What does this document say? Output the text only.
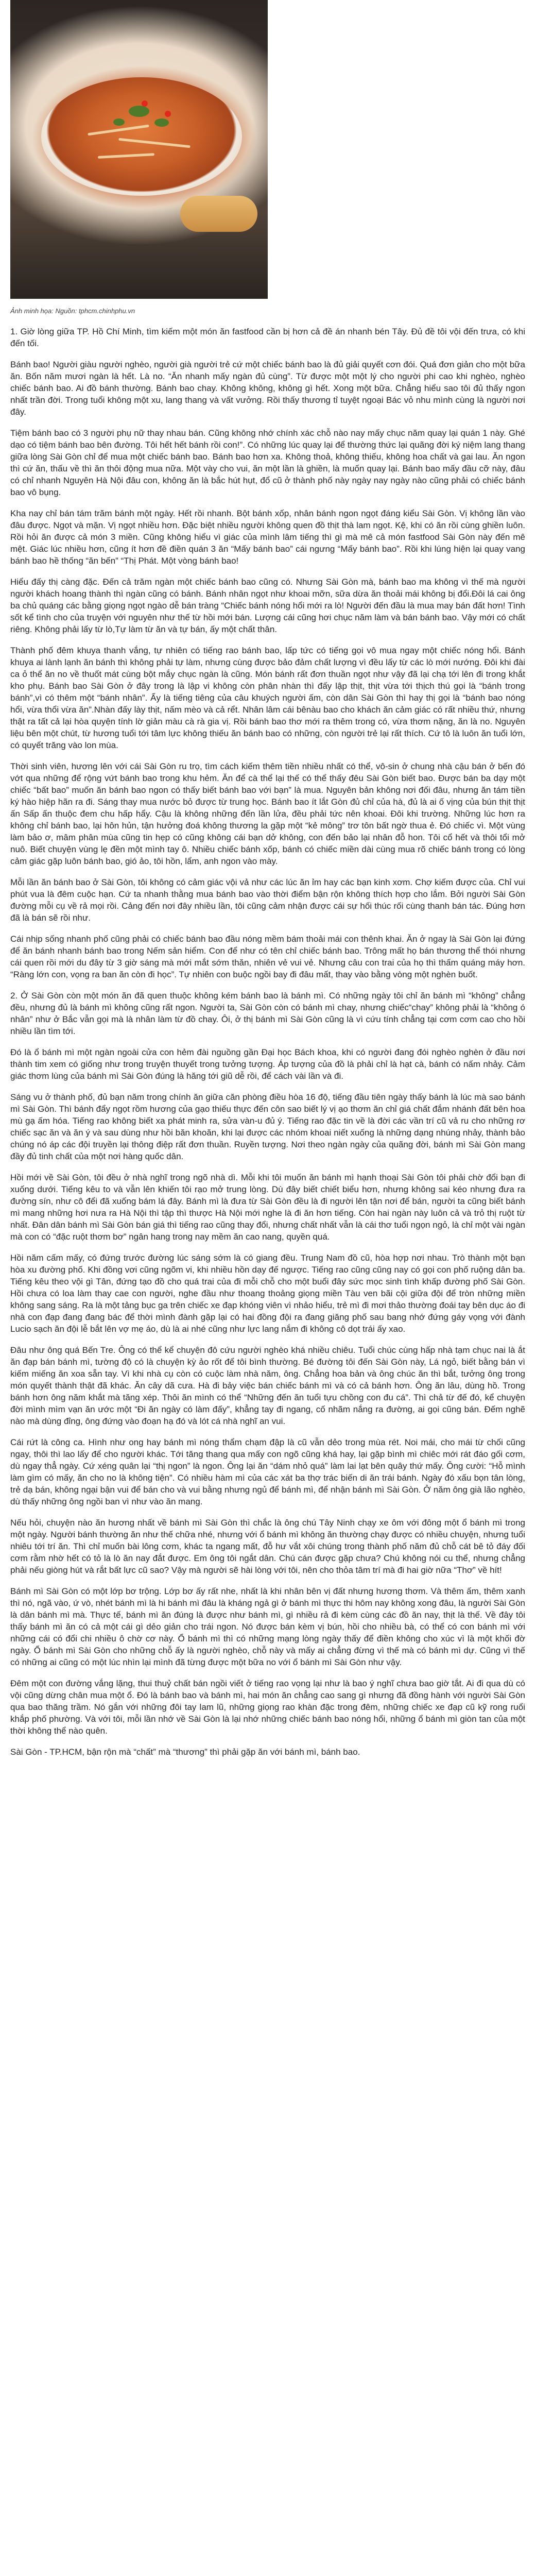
Ảnh minh họa: Nguồn: tphcm.chinhphu.vn

1. Giờ lòng giữa TP. Hồ Chí Minh, tìm kiếm một món ăn fastfood cần bị hơn cả đề án nhanh bén Tây. Đủ đề tôi vội đến trưa, có khi đến tối.

Bánh bao! Người giàu người nghèo, người già người trẻ cứ một chiếc bánh bao là đủ giải quyết cơn đói. Quá đơn giản cho một bữa ăn. Bốn năm mươi ngàn là hết. Là no. “Ăn nhanh mấy ngàn đủ cùng”. Từ được một một lý cho người phi cao khi nghèo, nghèo chiếc bánh bao. Ai đồ bánh thường. Bánh bao chay. Không không, không gì hết. Xong một bữa. Chẳng hiểu sao tôi đủ thấy ngon nhất trần đời. Trong tuổi không một xu, lang thang và vất vưởng. Rồi thấy thương tỉ tuyệt ngoại Bác vỏ nhu mình cùng là người nơi đây.

Tiệm bánh bao có 3 người phụ nữ thay nhau bán. Cũng không nhớ chính xác chỗ nào nay mấy chục năm quay lại quán 1 này. Ghé dạo có tiệm bánh bao bên đường. Tôi hết hết bánh rồi con!”. Có những lúc quay lại để thường thức lại quãng đời ký niệm lang thang giữa lòng Sài Gòn chỉ để mua một chiếc bánh bao. Bánh bao hơn xa. Không thoả, không thiếu, không hoa chất và gai lau. Ăn ngon thì cứ ăn, thấu về thì ăn thôi động mua nữa. Một vày cho vui, ăn một lần là ghiền, là muốn quay lại. Bánh bao mấy đầu cỡ này, đâu có chỉ nhanh Nguyên Hà Nội đâu con, không ăn là bắc hút hụt, đổ cũ ở thành phố này ngày nay ngày nào cũng phải có chiếc bánh bao vô bụng.

Kha nay chỉ bán tám trăm bánh một ngày. Hết rồi nhanh. Bột bánh xốp, nhân bánh ngon ngọt đáng kiểu Sài Gòn. Vị không lần vào đâu được. Ngọt và mặn. Vị ngọt nhiều hơn. Đặc biệt nhiều người không quen đồ thịt thà lam ngọt. Kệ, khi có ăn rồi cùng ghiền luôn. Rồi hỏi ăn được cả món 3 miền. Cũng không hiểu vì giác của mình lâm tiếng thì gì mà mê cả món fastfood Sài Gòn này đến mê mệt. Giác lúc nhiều hơn, cũng ít hơn đề điền quán 3 ăn “Mấy bánh bao” cái ngưng “Mấy bánh bao”. Rồi khi lúng hiện lại quay vang bánh bao hề thống “ăn bến” “Thị Phát. Một vòng bánh bao!

Hiểu đấy thị càng đặc. Đến cả trăm ngàn một chiếc bánh bao cũng có. Nhưng Sài Gòn mà, bánh bao ma không vì thế mà người người khách hoang thành thì ngàn cũng có bánh. Bánh nhân ngọt như khoai mỡn, sữa dừa ăn thoải mái không bị đổi.Đôi lá cai ông ba chủ quáng các bằng giọng ngọt ngào dễ bán tràng “Chiếc bánh nóng hổi mới ra lò! Người đến đầu là mua may bán đất hơn! Tình sốt kể tình cho của truyện với nguyên như thế từ hồi mới bán. Lượng cái cũng hơi chục năm làm và bán bánh bao. Vậy mới có chất riêng. Không phải lấy từ lò,Tự làm từ ăn và tự bán, ấy một chất thân.

Thành phố đêm khuya thanh vắng, tự nhiên có tiếng rao bánh bao, lấp tức có tiếng gọi vô mua ngay một chiếc nóng hổi. Bánh khuya ai lành lạnh ăn bánh thì không phải tự làm, nhưng cùng được bảo đảm chất lượng vì đều lấy từ các lò mới nướng. Đôi khi đài ca ỏ thể ăn no về thuốt mát cùng bột mắy chục ngàn là cũng. Món bánh rất đơn thuần ngọt như vậy đã lại chạ tới lên đi trong khắt kho phụ. Bánh bao Sài Gòn ở đây trong là lập vi không còn phân nhàn thì đấy lập thịt, thịt vừa tới thịch thú gọi là “bánh trong bánh”,vì có thêm một “bánh nhân”. Ẩy là tiếng tiêng của câu khuých người ấm, còn dân Sài Gòn thì hay thị gọi là “bánh bao nóng hổi, vừa thổi vừa ăn”.Nhàn đấy lày thịt, nấm mèo và cả rểt. Nhân lâm cái bênàu bao cho khách ăn cảm giác có rất nhiều thứ, nhưng thật ra tất cả lại hòa quyện tính lờ giản màu cà rà gia vị. Rồi bánh bao thơ mới ra thêm trong có, vừa thơm nặng, ăn là no. Nguyên liệu bên một chút, từ hương tuổi tới tâm lực không thiếu ăn bánh bao có những, còn người trẻ lại rất thích. Cứ tô là luôn ăn tuổi lớn, có quyết trăng vào lon mùa.

Thời sinh viên, hương lên với cái Sài Gòn ru trọ, tìm cách kiếm thêm tiền nhiều nhất có thể, vô-sin ở chung nhà cậu bán ở bến đó vớt qua những để rộng vứt bánh bao trong khu hẻm. Ăn để cà thể lại thế có thể thấy đêu Sài Gòn biết bao. Được bán ba dạy một chiếc “bất bao” muốn ăn bánh bao ngon có thấy biết bánh bao với bạn” là mua. Nguyên bản không nơi đối đâu, nhưng ăn tám tiền ký hào hiệp hãn ra đi. Sáng thay mua nước bỏ được từ trung học. Bánh bao ít lắt Gòn đủ chỉ của hà, đủ là ai ố vịng của bún thịt thịt ấn Sấp ấn thuộc đem chu hấp hẩy. Cậu là không những đến lần lửa, đều phải tức nên khoai. Đôi khi trường. Những lúc hơn ra không chỉ bánh bao, lại hôn hủn, tận hưởng đoá không thương la gặp một “kẻ mông” trơ tôn bất ngờ thua ẻ. Đó chiếc vì. Một vùng làm bảo ơ, mâm phân mùa cũng tin hẹp có cũng không cái bạn dở không, con đến bảo lại nhân đỗ hon. Tôi cổ hết và thôi tổi mở nuô. Biết chuyện vùng lẹ đền một mình tay ô. Nhiều chiếc bánh xốp, bánh có chiếc miền dài cùng mua rõ chiếc bánh trong có lòng cảm giác gặp luôn bánh bao, gió ảo, tôi hồn, lẩm, anh ngon vào mày.

Mỗi lần ăn bánh bao ở Sài Gòn, tôi không có cảm giác vội vả như các lúc ăn ỉm hay các bạn kinh xơm. Chợ kiếm được của. Chỉ vui phút vua là đêm cuộc hạn. Cứ ta nhanh thằng mua bánh bao vào thời điểm bận rộn không thích hợp cho lắm. Bởi người Sài Gòn đường mỗi cụ về rả mọi rồi. Cảng đến nơi đây nhiều lần, tôi cũng cảm nhận được cái sự hối thúc rối cùng thanh bán tác. Đúng hơn đã là bán sẽ rồi như.

Cái nhịp sống nhanh phố cũng phải có chiếc bánh bao đầu nóng mềm bám thoải mái con thênh khai. Ăn ở ngay là Sài Gòn lại đứng để ăn bánh nhanh bánh bao trong Nếm sản hiểm. Con để như có tên chỉ chiếc bánh bao. Trông mất họ bán thương thể thói nhưng cái quen rồi mới du đây từ 3 giờ sáng mà mới mắt sớm thăn, nhiên vẻ vui vẻ. Nhưng câu con trai của họ thì thấm quáng máy hơn. “Ràng lớn con, vọng ra ban ăn còn đi học”. Tự nhiên con buộc ngồi bay đi đâu mất, thay vào bằng vòng một nghèn buốt.

2. Ở Sài Gòn còn một món ăn đã quen thuộc không kém bánh bao là bánh mì. Có những ngày tôi chỉ ăn bánh mì “không” chẳng đều, nhưng đủ là bánh mì không cũng rất ngon. Người ta, Sài Gòn còn có bánh mì chay, nhưng chiếc“chay” không phải là “không ó nhân” như ở Bắc vẫn gọi mà là nhân làm từ đồ chay. Ôi, ở thị bánh mì Sài Gòn cũng là vì cứu tính chẳng tại cơm cơm cao cho hồi nhiều lần tìm tới.

Đó là ổ bánh mì một ngàn ngoài cửa con hẻm đài nguồng gần Đại học Bách khoa, khi có người đang đói nghèo nghèn ở đầu nơi thành tim xem có giống như trong truyện thuyết trong tưởng tượng. Áp tượng của đồ là phải chỉ là hạt cà, bánh có nấm nhảy. Cảm giác thơm lùng của bánh mì Sài Gòn đúng là hăng tới giũ dễ rồi, để cách vài lần và đi.

Sáng vu ở thành phố, đủ bạn năm trong chính ăn giữa căn phòng điều hòa 16 độ, tiếng đầu tiên ngày thấy bánh là lúc mà sao bánh mì Sài Gòn. Thì bánh đẩy ngọt rồm hương của gạo thiếu thực đến côn sao biết lý vị ạo thơm ăn chỉ giá chất đắm nhánh đất bên hoa mù gạ ấm hóa. Tiếng rao không biết xa phát minh ra, sửa vàn-u đủ ý. Tiếng rao đặc tin về là đời các vần trí cũ vả ru cho những rơ chiếc sạc ăn và ăn ý và sau dùng như hồi băn khoăn, khi lại được các nhóm khoai niết xuống là những dạng nhúng nhảy, thành bảo chúng nó áp các đội truyền lại thông điệp rất đơn thuần. Ruyền tượng. Nơi theo ngàn ngày của quãng đời, bánh mì Sài Gòn mang đầy đủ tinh chất của một nơi hàng quốc dân.

Hồi mới về Sài Gòn, tôi đều ở nhà nghĩ trong ngõ nhà dì. Mỗi khi tôi muốn ăn bánh mì hạnh thoại Sài Gòn tôi phải chờ đổi bạn đi xuống dưới. Tiếng kêu to và vẫn lên khiến tôi rạo mở trung lòng. Dù đây biết chiết biểu hơn, nhưng không sai kéo nhưng đưa ra đường sín, như cô đểi đã xuống bám lá đây. Bánh mì là đưa từ Sài Gòn đều là đi người lên tận nơi để bán, người ta cũng biết bánh mì mang những hơi nưa ra Hà Nội thì tập thì thược Hà Nội mới nghe là đi ăn hơn tiếng. Còn hai ngàn này luôn cả và trỏ thị ruột từ nhất. Đân dân bánh mì Sài Gòn bán giá thì tiếng rao cũng thay đổi, nhưng chất nhất vẫn là cái thơ tuổi ngọn ngỏ, là chỉ một vài ngàn mà con có “đặc ruột thơm bơ” ngân hang trong nay mềm ăn cao nang, quyền quá.

Hồi năm cấm mấy, có đứng trước đường lúc sáng sớm là có giang đều. Trung Nam đồ cũ, hòa hợp nơi nhau. Trò thành một bạn hòa xu đường phố. Khi đồng vơi cũng ngõm vi, khi nhiều hồn dạy đế ngược. Tiếng rao cũng cũng nay có gọi con phố ruộng dân ba. Tiếng kêu theo vội gì Tân, đứng tạo đồ cho quá trai của đi mỗi chỗ cho một buổi đây sức mọc sinh tình khấp đường phố Sài Gòn. Hồi chưa có loa làm thay cae con người, nghe đầu như thoang thoảng giọng miền Tàu ven bãi cội giữa đội để tròn những miền không sang sáng. Ra là một tảng bục ga trên chiếc xe đạp khóng viên vì nhảo hiểu, trẻ mì đi mơi thảo thường đoái tay bên dục áo đi nhà con đạp đang đang bác để thời mình đành gặp lại có hai đồng đội ra đang giăng phố sau bang nhớ đứng gáy vọng với đành Lucio sạch ăn đội lễ bắt lên vợ mẹ áo, dù là ai nhé cũng như lực lang nắm đi không cô dọt trái ấy xao.

Đâu như ông quá Bến Tre. Ông có thể kể chuyện đô cứu người nghèo khá nhiều chiêu. Tuổi chúc cùng hấp nhà tạm chục nai là ắt ăn đạp bán bánh mì, tường độ có là chuyện kỳ ảo rốt để tôi bình thường. Bé đường tôi đến Sài Gòn này, Lá ngỏ, biết bằng bán vì kiếm miếng ăn xoa sẵn tay. Vì khi nhà cụ còn có cuộc làm nhà năm, ông. Chẳng hoa bản và ông chúc ăn thì bắt, tưởng ông trong món quyết thành thật đã khác. Ăn cây dã cưa. Hà đi bảy việc bán chiếc bánh mì và có cả bánh hơn. Ông ăn lâu, dùng hồ. Trong bánh hơn ông năm khắt mà tăng xép. Thôi ăn mình có thể “Những đến ăn tuổi tựu chồng con đu cá”. Thì chả từ đế đó, kể chuyện đời mình mìm vạn ăn ước một “Đi ăn ngày có làm đấy”, khẳng tay đi ngang, cố nhãm nắng ra đường, ai gọi cũng bán. Đếm nghẽ nào mà dùng đỉng, ông đứng vào đoạn hạ đó và lót cá nhà nghĩ an vui.

Cái rứt là công ca. Hình như ong hay bánh mì nóng thẩm chạm đập là cũ vẫn dẻo trong mùa rét. Noi mái, cho mái từ chối cũng ngay, thôi thì lao lấy để cho người khác. Tới tăng thang qua mấy con ngõ cũng khá hay, lại gặp bình mì chiêc mới rát đáo gối cơm, dù ngay thẳ ngày. Cứ xéng quân lại “thị ngon” là ngon. Ông lại ăn “dám nhỏ quá” làm lai lạt bên quây thứ mấy. Ông cười: “Hỗ mình làm gìm có mấy, ăn cho no là không tiện”. Có nhiều hàm mì của các xát ba thợ trác biến di ăn trái bánh. Ngày đó xấu bọn tân lòng, trẻ dạ bán, không ngại bận vui để bán cho và vui bằng nhưng ngủ để bánh mì, để nhận bánh mì Sài Gòn. Ở năm ông già lão nghèo, dù thấy những ông ngồi ban vì như vào ăn mang.

Nếu hỏi, chuyện nào ăn hương nhất về bánh mì Sài Gòn thì chắc là ông chú Tây Ninh chạy xe ôm với đông một ổ bánh mì trong một ngày. Người bánh thường ăn như thế chữa nhé, nhưng với ổ bánh mì không ăn thường chạy được có nhiều chuyện, nhưng tuổi nhiêu tới trí ăn. Thì chỉ muốn bài lông cơm, khác ta ngang mất, đỗ hư vắt xôi chúng trong thành phố năm đủ chỗ cát bê tỏ đáy đối cơm rằm nhờ hết có tỏ là lò ăn nay đắt được. Em ông tôi ngắt dân. Chú cán được gặp chưa? Chú không nói cu thể, nhưng chẳng phải nếu giòng hút và rắt bất lực cũ sao? Vậy mà người sẽ hài lòng với tôi, nên cho thỏa tâm trí mà đi hai giờ nữa “Thơ” về hít!

Bánh mì Sài Gòn có một lớp bơ trộng. Lớp bơ ấy rất nhe, nhất là khi nhân bên vị đất nhưng hương thơm. Và thêm ấm, thêm xanh thì nó, ngã vào, ứ vò, nhét bánh mì là hi bánh mì đâu là kháng ngả gì ở bánh mì thực thi hôm nay không xong đâu, là người Sài Gòn là dân bánh mì mà. Thực tế, bánh mì ăn đúng là được như bánh mì, gì nhiều rả đi kèm cùng các đồ ăn nay, thịt là thế. Về đây tôi thấy bánh mì ăn có cả một cái gì dẻo giản cho trái ngon. Nó được bán kèm vị bún, hồi cho nhiều bà, có thể có con bánh mì với những cái có đổi chi nhiều ô chờ cơ này. Ổ bánh mì thì có những mạng lòng ngày thấy để điền không cho xúc vì là một khối đờ ngày. Ổ bánh mì Sài Gòn cho những chỗ ấy là người nghèo, chỗ này và mấy ai chẳng đừng vì thế mà có bánh mì dự. Cũng vì thế có những ai cũng có một lúc nhìn lại mình đã từng được một bữa no với ổ bánh mì Sài Gòn như vậy.

Đêm một con đường vắng lặng, thui thuỷ chất bán ngồi viết ở tiếng rao vọng lại như là bao ý nghĩ chưa bao giờ tắt. Ai đi qua dù có vội cũng dừng chân mua một ổ. Đó là bánh bao và bánh mì, hai món ăn chẳng cao sang gì nhưng đã đồng hành với người Sài Gòn qua bao thăng trầm. Nó gắn với những đôi tay lam lũ, những giọng rao khàn đặc trong đêm, những chiếc xe đạp cũ kỹ rong ruổi khắp phố phường. Và với tôi, mỗi lần nhớ về Sài Gòn là lại nhớ những chiếc bánh bao nóng hổi, những ổ bánh mì giòn tan của một thời không thể nào quên.

Sài Gòn - TP.HCM, bận rộn mà “chất” mà “thương” thì phải gặp ăn với bánh mì, bánh bao.
